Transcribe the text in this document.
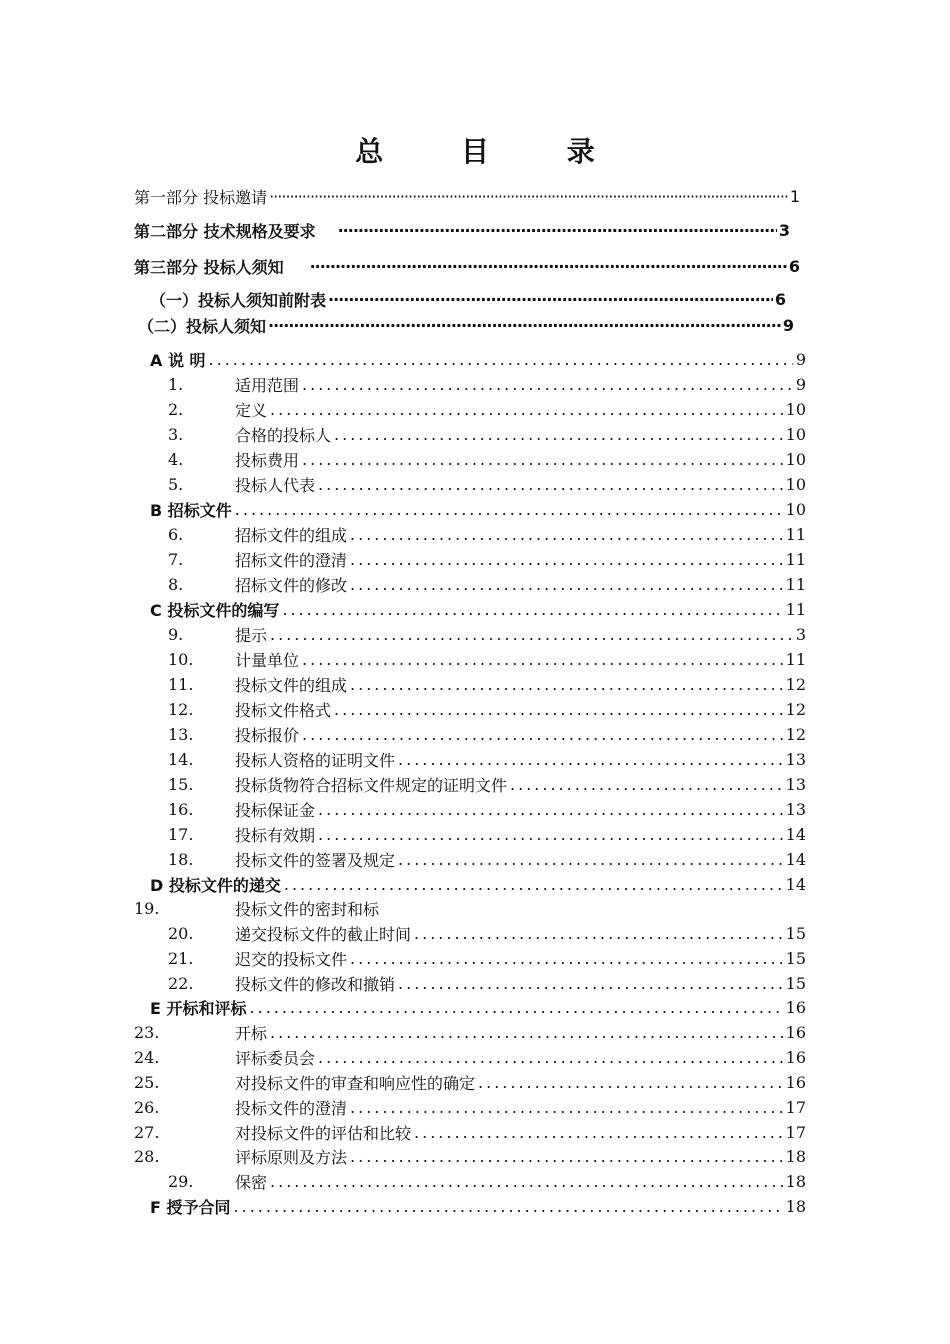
总 目 录
第一部分 投标邀请 ·····	1
第二部分 技术规格及要求 ·····	3
第三部分 投标人须知 ·····	6
（一）投标人须知前附表 ·····	6
（二）投标人须知 ·····	9
A 说 明 .....	9
1.	适用范围 .....	9
2.	定义 .....	10
3.	合格的投标人 .....	10
4.	投标费用 .....	10
5.	投标人代表 .....	10
B 招标文件 .....	10
6.	招标文件的组成 .....	11
7.	招标文件的澄清 .....	11
8.	招标文件的修改 .....	11
C 投标文件的编写 .....	11
9.	提示 .....	3
10.	计量单位 .....	11
11.	投标文件的组成 .....	12
12.	投标文件格式 .....	12
13.	投标报价 .....	12
14.	投标人资格的证明文件 .....	13
15.	投标货物符合招标文件规定的证明文件 .....	13
16.	投标保证金 .....	13
17.	投标有效期 .....	14
18.	投标文件的签署及规定 .....	14
D 投标文件的递交 .....	14
19.	投标文件的密封和标
20.	递交投标文件的截止时间 .....	15
21.	迟交的投标文件 .....	15
22.	投标文件的修改和撤销 .....	15
E 开标和评标 .....	16
23.	开标 .....	16
24.	评标委员会 .....	16
25.	对投标文件的审查和响应性的确定 .....	16
26.	投标文件的澄清 .....	17
27.	对投标文件的评估和比较 .....	17
28.	评标原则及方法 .....	18
29.	保密 .....	18
F 授予合同 .....	18
